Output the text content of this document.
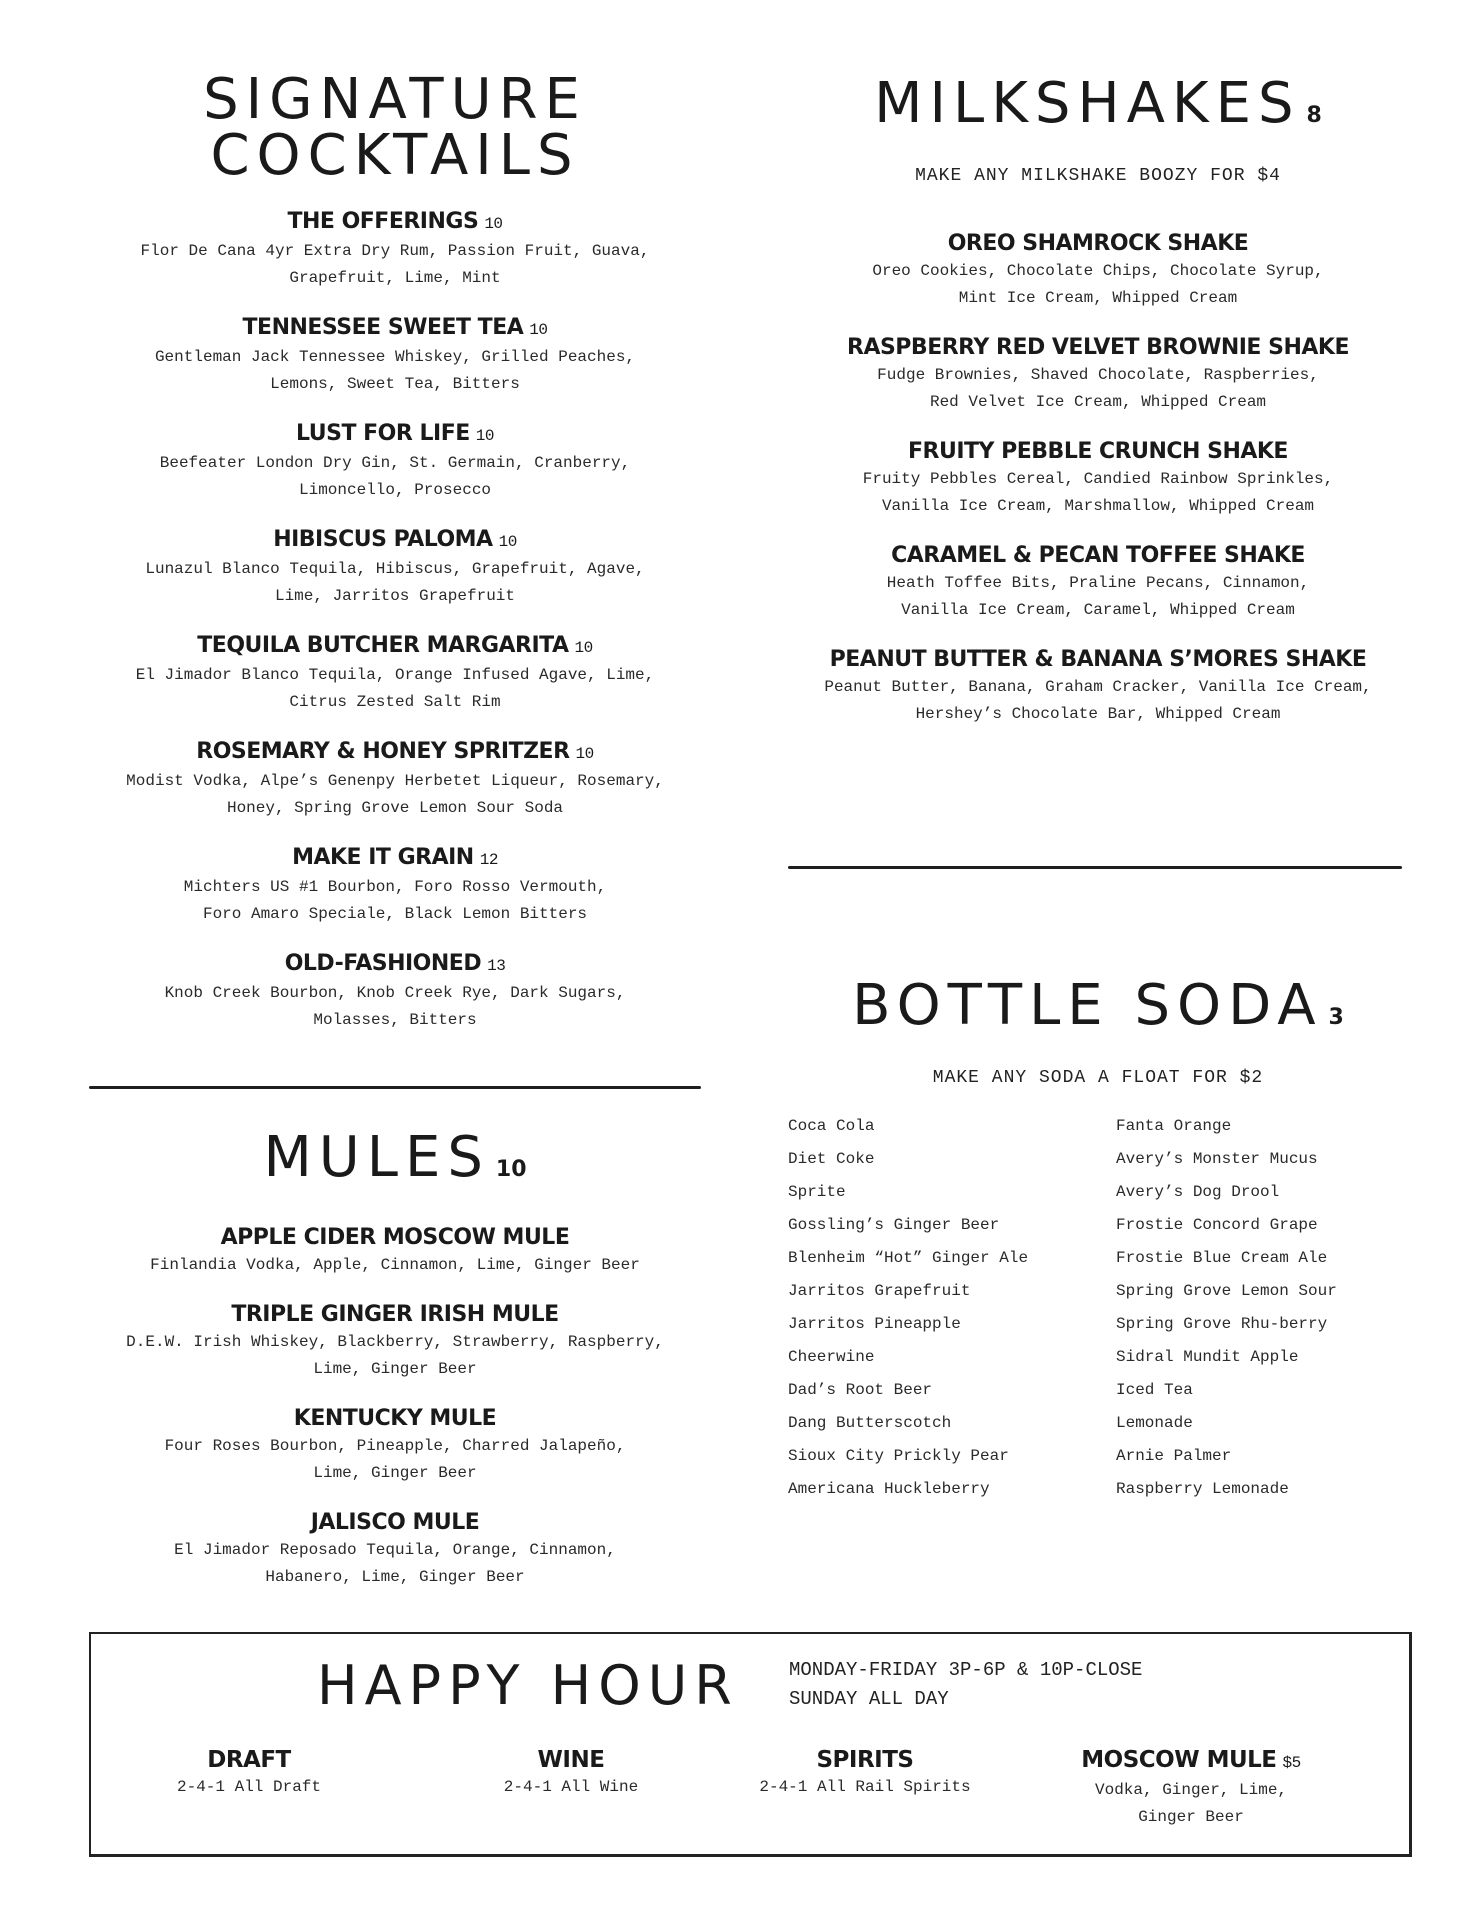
SIGNATURE
COCKTAILS
THE OFFERINGS 10
Flor De Cana 4yr Extra Dry Rum, Passion Fruit, Guava,
Grapefruit, Lime, Mint
TENNESSEE SWEET TEA 10
Gentleman Jack Tennessee Whiskey, Grilled Peaches,
Lemons, Sweet Tea, Bitters
LUST FOR LIFE 10
Beefeater London Dry Gin, St. Germain, Cranberry,
Limoncello, Prosecco
HIBISCUS PALOMA 10
Lunazul Blanco Tequila, Hibiscus, Grapefruit, Agave,
Lime, Jarritos Grapefruit
TEQUILA BUTCHER MARGARITA 10
El Jimador Blanco Tequila, Orange Infused Agave, Lime,
Citrus Zested Salt Rim
ROSEMARY & HONEY SPRITZER 10
Modist Vodka, Alpe’s Genenpy Herbetet Liqueur, Rosemary,
Honey, Spring Grove Lemon Sour Soda
MAKE IT GRAIN 12
Michters US #1 Bourbon, Foro Rosso Vermouth,
Foro Amaro Speciale, Black Lemon Bitters
OLD-FASHIONED 13
Knob Creek Bourbon, Knob Creek Rye, Dark Sugars,
Molasses, Bitters
MULES 10
APPLE CIDER MOSCOW MULE
Finlandia Vodka, Apple, Cinnamon, Lime, Ginger Beer
TRIPLE GINGER IRISH MULE
D.E.W. Irish Whiskey, Blackberry, Strawberry, Raspberry,
Lime, Ginger Beer
KENTUCKY MULE
Four Roses Bourbon, Pineapple, Charred Jalapeño,
Lime, Ginger Beer
JALISCO MULE
El Jimador Reposado Tequila, Orange, Cinnamon,
Habanero, Lime, Ginger Beer
MILKSHAKES 8
MAKE ANY MILKSHAKE BOOZY FOR $4
OREO SHAMROCK SHAKE
Oreo Cookies, Chocolate Chips, Chocolate Syrup,
Mint Ice Cream, Whipped Cream
RASPBERRY RED VELVET BROWNIE SHAKE
Fudge Brownies, Shaved Chocolate, Raspberries,
Red Velvet Ice Cream, Whipped Cream
FRUITY PEBBLE CRUNCH SHAKE
Fruity Pebbles Cereal, Candied Rainbow Sprinkles,
Vanilla Ice Cream, Marshmallow, Whipped Cream
CARAMEL & PECAN TOFFEE SHAKE
Heath Toffee Bits, Praline Pecans, Cinnamon,
Vanilla Ice Cream, Caramel, Whipped Cream
PEANUT BUTTER & BANANA S’MORES SHAKE
Peanut Butter, Banana, Graham Cracker, Vanilla Ice Cream,
Hershey’s Chocolate Bar, Whipped Cream
BOTTLE SODA 3
MAKE ANY SODA A FLOAT FOR $2
Coca Cola
Diet Coke
Sprite
Gossling’s Ginger Beer
Blenheim “Hot” Ginger Ale
Jarritos Grapefruit
Jarritos Pineapple
Cheerwine
Dad’s Root Beer
Dang Butterscotch
Sioux City Prickly Pear
Americana Huckleberry
Fanta Orange
Avery’s Monster Mucus
Avery’s Dog Drool
Frostie Concord Grape
Frostie Blue Cream Ale
Spring Grove Lemon Sour
Spring Grove Rhu-berry
Sidral Mundit Apple
Iced Tea
Lemonade
Arnie Palmer
Raspberry Lemonade
HAPPY HOUR	MONDAY-FRIDAY 3P-6P & 10P-CLOSE
SUNDAY ALL DAY
DRAFT
2-4-1 All Draft
WINE
2-4-1 All Wine
SPIRITS
2-4-1 All Rail Spirits
MOSCOW MULE $5
Vodka, Ginger, Lime,
Ginger Beer
